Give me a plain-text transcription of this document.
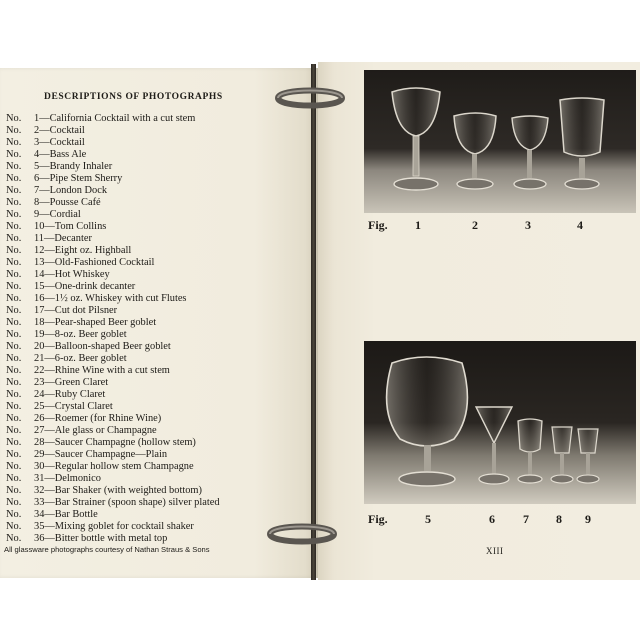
DESCRIPTIONS OF PHOTOGRAPHS
No.	1 — California Cocktail with a cut stem
No.	2 — Cocktail
No.	3 — Cocktail
No.	4 — Bass Ale
No.	5 — Brandy Inhaler
No.	6 — Pipe Stem Sherry
No.	7 — London Dock
No.	8 — Pousse Café
No.	9 — Cordial
No.	10 — Tom Collins
No.	11 — Decanter
No.	12 — Eight oz. Highball
No.	13 — Old-Fashioned Cocktail
No.	14 — Hot Whiskey
No.	15 — One-drink decanter
No.	16 — 1½ oz. Whiskey with cut Flutes
No.	17 — Cut dot Pilsner
No.	18 — Pear-shaped Beer goblet
No.	19 — 8-oz. Beer goblet
No.	20 — Balloon-shaped Beer goblet
No.	21 — 6-oz. Beer goblet
No.	22 — Rhine Wine with a cut stem
No.	23 — Green Claret
No.	24 — Ruby Claret
No.	25 — Crystal Claret
No.	26 — Roemer (for Rhine Wine)
No.	27 — Ale glass or Champagne
No.	28 — Saucer Champagne (hollow stem)
No.	29 — Saucer Champagne—Plain
No.	30 — Regular hollow stem Champagne
No.	31 — Delmonico
No.	32 — Bar Shaker (with weighted bottom)
No.	33 — Bar Strainer (spoon shape) silver plated
No.	34 — Bar Bottle
No.	35 — Mixing goblet for cocktail shaker
No.	36 — Bitter bottle with metal top
All glassware photographs courtesy of Nathan Straus & Sons
Fig.	1	2	3	4
Fig.	5	6	7	8	9
XIII
